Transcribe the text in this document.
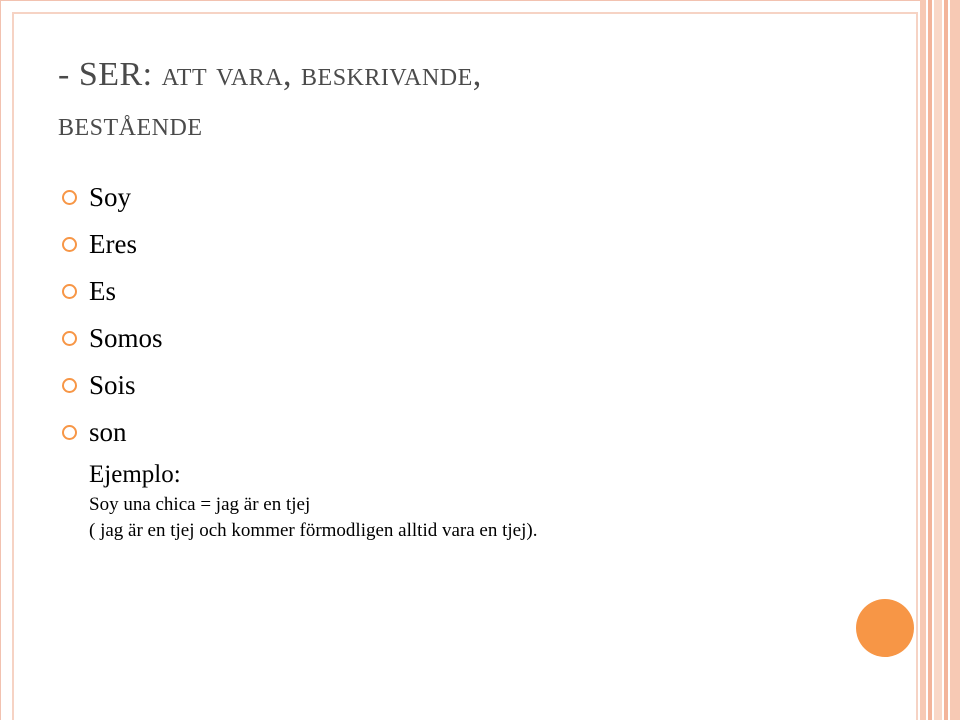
- SER: att vara, beskrivande,
bestående
Soy
Eres
Es
Somos
Sois
son
Ejemplo:
Soy una chica = jag är en tjej
( jag är en tjej och kommer förmodligen alltid vara en tjej).
